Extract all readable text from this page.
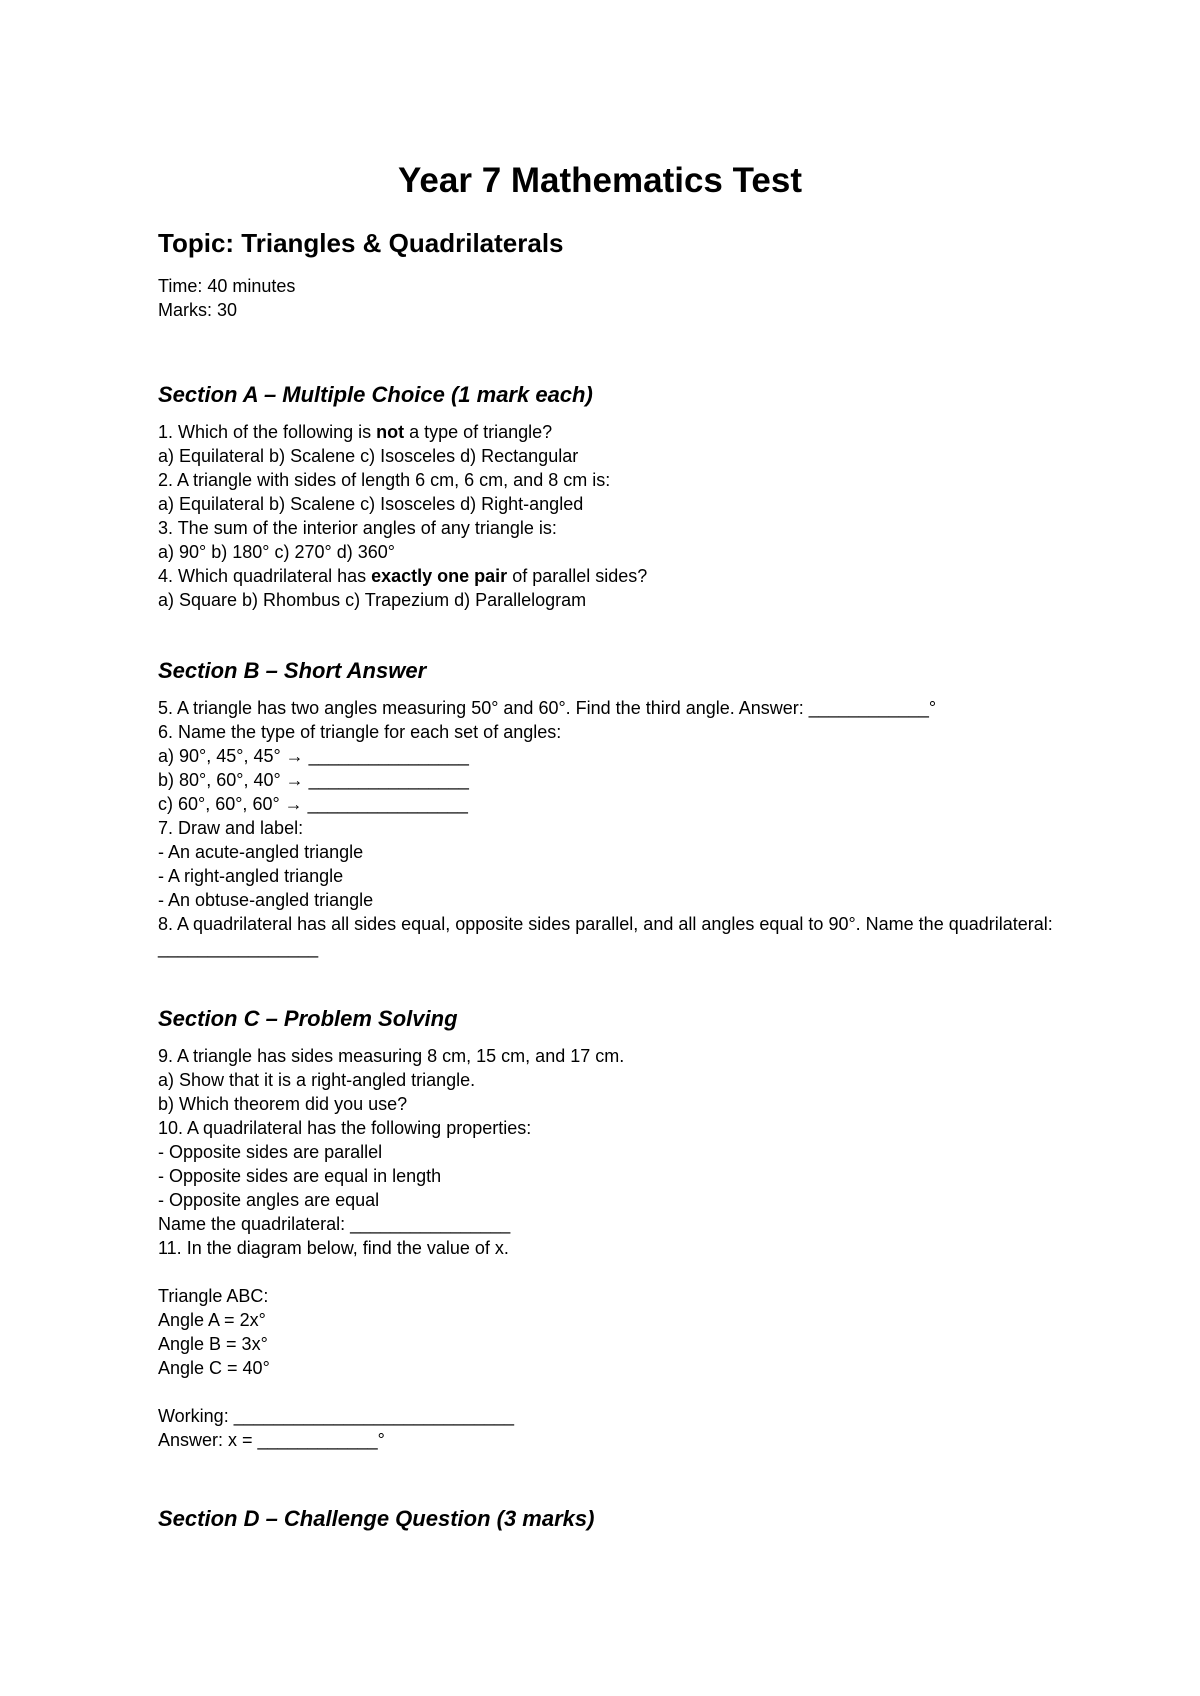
Year 7 Mathematics Test
Topic: Triangles & Quadrilaterals
Time: 40 minutes
Marks: 30
Section A – Multiple Choice (1 mark each)
1. Which of the following is not a type of triangle?
a) Equilateral b) Scalene c) Isosceles d) Rectangular
2. A triangle with sides of length 6 cm, 6 cm, and 8 cm is:
a) Equilateral b) Scalene c) Isosceles d) Right-angled
3. The sum of the interior angles of any triangle is:
a) 90° b) 180° c) 270° d) 360°
4. Which quadrilateral has exactly one pair of parallel sides?
a) Square b) Rhombus c) Trapezium d) Parallelogram
Section B – Short Answer
5. A triangle has two angles measuring 50° and 60°. Find the third angle. Answer: ____________°
6. Name the type of triangle for each set of angles:
a) 90°, 45°, 45° → ________________
b) 80°, 60°, 40° → ________________
c) 60°, 60°, 60° → ________________
7. Draw and label:
- An acute-angled triangle
- A right-angled triangle
- An obtuse-angled triangle
8. A quadrilateral has all sides equal, opposite sides parallel, and all angles equal to 90°. Name the quadrilateral: ________________
Section C – Problem Solving
9. A triangle has sides measuring 8 cm, 15 cm, and 17 cm.
a) Show that it is a right-angled triangle.
b) Which theorem did you use?
10. A quadrilateral has the following properties:
- Opposite sides are parallel
- Opposite sides are equal in length
- Opposite angles are equal
Name the quadrilateral: ________________
11. In the diagram below, find the value of x.
Triangle ABC:
Angle A = 2x°
Angle B = 3x°
Angle C = 40°
Working: ____________________________
Answer: x = ____________°
Section D – Challenge Question (3 marks)
